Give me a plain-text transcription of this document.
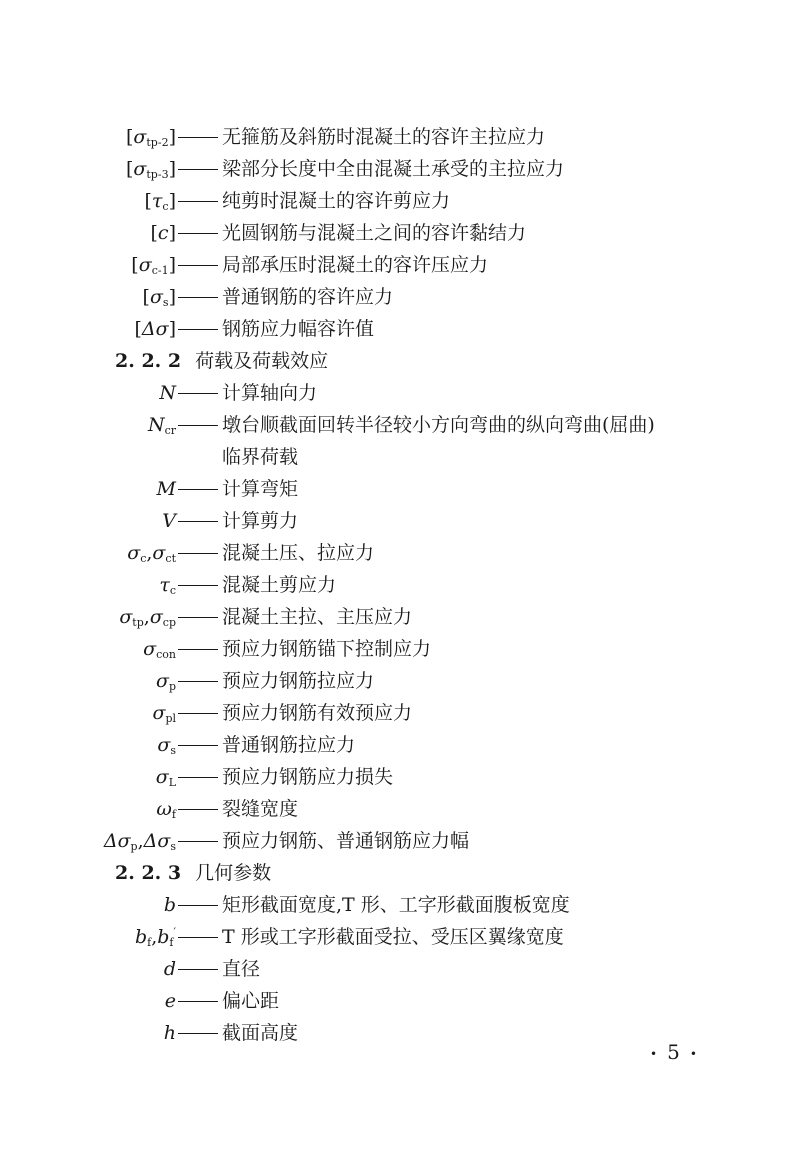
$[\sigma_{tp-2}]$	无箍筋及斜筋时混凝土的容许主拉应力
$[\sigma_{tp-3}]$	梁部分长度中全由混凝土承受的主拉应力
$[\tau_c]$	纯剪时混凝土的容许剪应力
[c]	光圆钢筋与混凝土之间的容许黏结力
$[\sigma_{c-1}]$	局部承压时混凝土的容许压应力
$[\sigma_s]$	普通钢筋的容许应力
[Δσ]	钢筋应力幅容许值
2. 2. 2 荷载及荷载效应
N	计算轴向力
$N_{cr}$	墩台顺截面回转半径较小方向弯曲的纵向弯曲(屈曲)
临界荷载
M	计算弯矩
V	计算剪力
$\sigma_c,\sigma_{ct}$	混凝土压、拉应力
$\tau_c$	混凝土剪应力
$\sigma_{tp},\sigma_{cp}$	混凝土主拉、主压应力
$\sigma_{con}$	预应力钢筋锚下控制应力
$\sigma_p$	预应力钢筋拉应力
$\sigma_{pl}$	预应力钢筋有效预应力
$\sigma_s$	普通钢筋拉应力
$\sigma_L$	预应力钢筋应力损失
$\omega_f$	裂缝宽度
$\Delta\sigma_p,\Delta\sigma_s$	预应力钢筋、普通钢筋应力幅
2. 2. 3 几何参数
b	矩形截面宽度,T 形、工字形截面腹板宽度
$b_f,b_f'$	T 形或工字形截面受拉、受压区翼缘宽度
d	直径
e	偏心距
h	截面高度
• 5 •
